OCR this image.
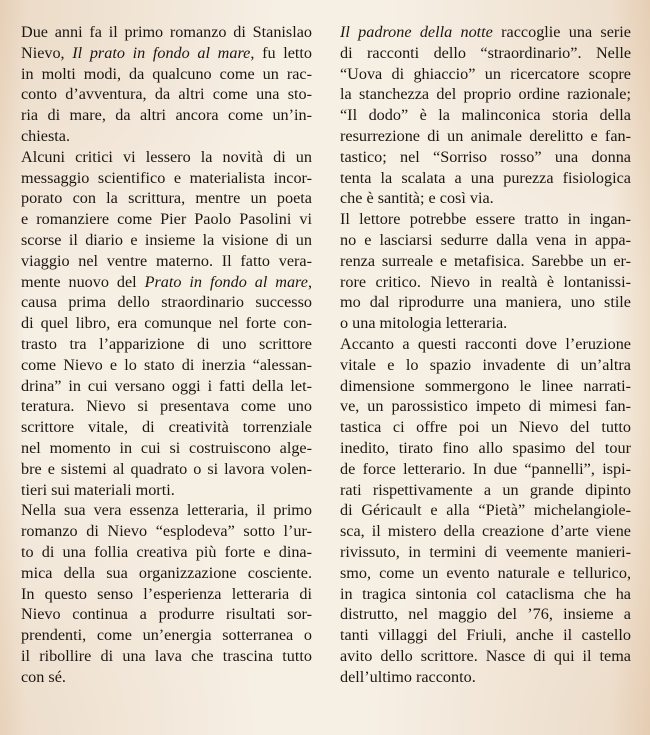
Due anni fa il primo romanzo di Stanislao
Nievo, Il prato in fondo al mare, fu letto
in molti modi, da qualcuno come un rac-
conto d’avventura, da altri come una sto-
ria di mare, da altri ancora come un’in-
chiesta.

Alcuni critici vi lessero la novità di un
messaggio scientifico e materialista incor-
porato con la scrittura, mentre un poeta
e romanziere come Pier Paolo Pasolini vi
scorse il diario e insieme la visione di un
viaggio nel ventre materno. Il fatto vera-
mente nuovo del Prato in fondo al mare,
causa prima dello straordinario successo
di quel libro, era comunque nel forte con-
trasto tra l’apparizione di uno scrittore
come Nievo e lo stato di inerzia “alessan-
drina” in cui versano oggi i fatti della let-
teratura. Nievo si presentava come uno
scrittore vitale, di creatività torrenziale
nel momento in cui si costruiscono alge-
bre e sistemi al quadrato o si lavora volen-
tieri sui materiali morti.

Nella sua vera essenza letteraria, il primo
romanzo di Nievo “esplodeva” sotto l’ur-
to di una follia creativa più forte e dina-
mica della sua organizzazione cosciente.
In questo senso l’esperienza letteraria di
Nievo continua a produrre risultati sor-
prendenti, come un’energia sotterranea o
il ribollire di una lava che trascina tutto
con sé.

Il padrone della notte raccoglie una serie
di racconti dello “straordinario”. Nelle
“Uova di ghiaccio” un ricercatore scopre
la stanchezza del proprio ordine razionale;
“Il dodo” è la malinconica storia della
resurrezione di un animale derelitto e fan-
tastico; nel “Sorriso rosso” una donna
tenta la scalata a una purezza fisiologica
che è santità; e così via.

Il lettore potrebbe essere tratto in ingan-
no e lasciarsi sedurre dalla vena in appa-
renza surreale e metafisica. Sarebbe un er-
rore critico. Nievo in realtà è lontanissi-
mo dal riprodurre una maniera, uno stile
o una mitologia letteraria.

Accanto a questi racconti dove l’eruzione
vitale e lo spazio invadente di un’altra
dimensione sommergono le linee narrati-
ve, un parossistico impeto di mimesi fan-
tastica ci offre poi un Nievo del tutto
inedito, tirato fino allo spasimo del tour
de force letterario. In due “pannelli”, ispi-
rati rispettivamente a un grande dipinto
di Géricault e alla “Pietà” michelangiole-
sca, il mistero della creazione d’arte viene
rivissuto, in termini di veemente manieri-
smo, come un evento naturale e tellurico,
in tragica sintonia col cataclisma che ha
distrutto, nel maggio del ’76, insieme a
tanti villaggi del Friuli, anche il castello
avito dello scrittore. Nasce di qui il tema
dell’ultimo racconto.
